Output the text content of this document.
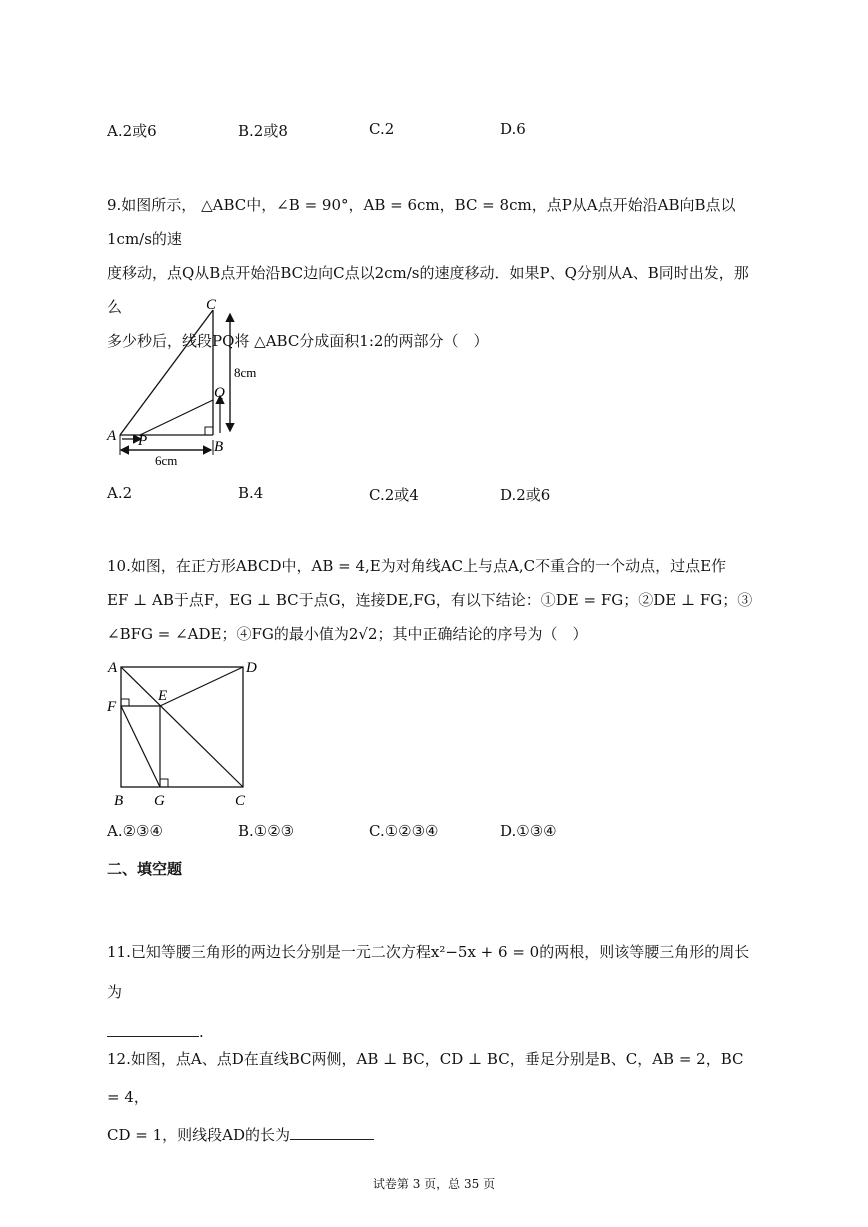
A.2或6	B.2或8	C.2	D.6
9.如图所示， △ABC中，∠B = 90°，AB = 6cm，BC = 8cm，点P从A点开始沿AB向B点以1cm/s的速
度移动，点Q从B点开始沿BC边向C点以2cm/s的速度移动．如果P、Q分别从A、B同时出发，那么
多少秒后，线段PQ将 △ABC分成面积1:2的两部分（　）
C
A
B
P
Q
8cm
6cm
A.2	B.4	C.2或4	D.2或6
10.如图，在正方形ABCD中，AB = 4,E为对角线AC上与点A,C不重合的一个动点，过点E作
EF ⊥ AB于点F，EG ⊥ BC于点G，连接DE,FG，有以下结论：①DE = FG；②DE ⊥ FG；③
∠BFG = ∠ADE；④FG的最小值为2√2；其中正确结论的序号为（　）
A	D
E
F
B G	C
A.②③④	B.①②③	C.①②③④	D.①③④
二、填空题
11.已知等腰三角形的两边长分别是一元二次方程x²−5x + 6 = 0的两根，则该等腰三角形的周长为
.
12.如图，点A、点D在直线BC两侧，AB ⊥ BC，CD ⊥ BC，垂足分别是B、C，AB = 2，BC = 4，
CD = 1，则线段AD的长为
试卷第 3 页，总 35 页
